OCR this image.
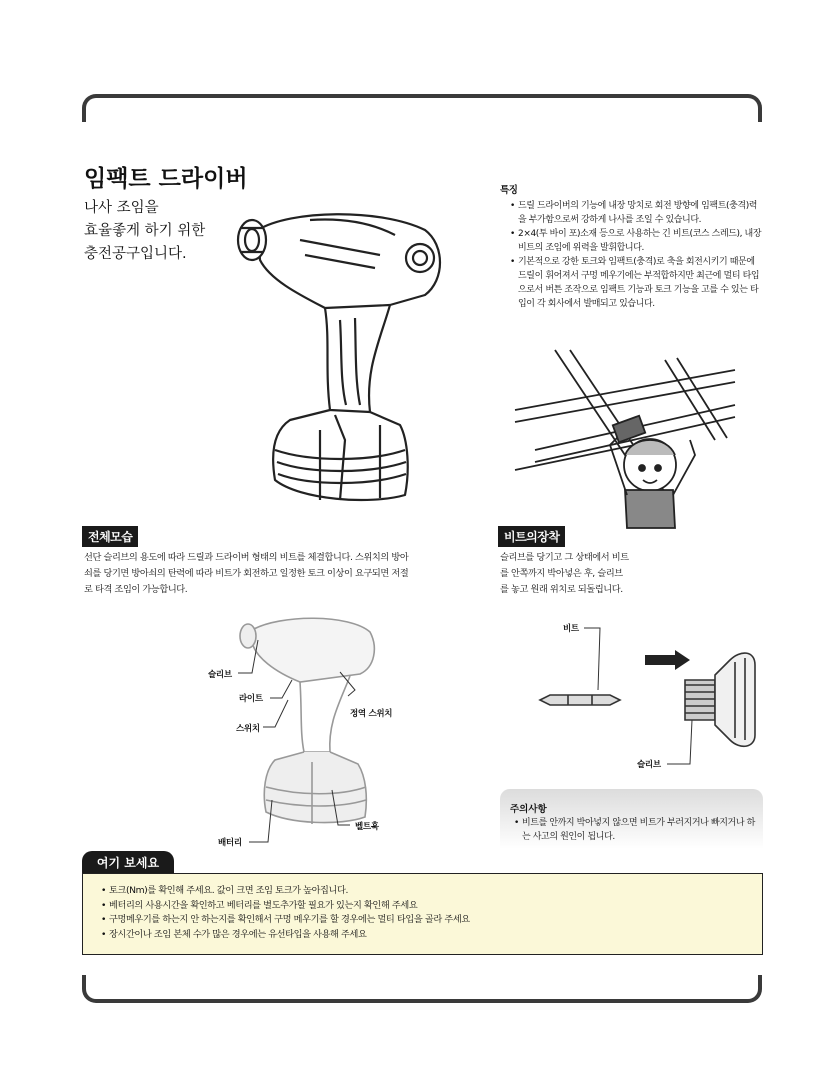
임팩트 드라이버
나사 조임을
효율좋게 하기 위한
충전공구입니다.
특징
• 드릴 드라이버의 기능에 내장 망치로 회전 방향에 임팩트(충격)력을 부가함으로써 강하게 나사를 조일 수 있습니다.
• 2×4(투 바이 포)소재 등으로 사용하는 긴 비트(코스 스레드), 내장 비트의 조임에 위력을 발휘합니다.
• 기본적으로 강한 토크와 임팩트(충격)로 축을 회전시키기 때문에 드릴이 휘어져서 구멍 메우기에는 부적합하지만 최근에 멀티 타입으로서 버튼 조작으로 임팩트 기능과 토크 기능을 고를 수 있는 타입이 각 회사에서 발매되고 있습니다.
전체모습
선단 슬리브의 용도에 따라 드릴과 드라이버 형태의 비트를 체결합니다. 스위치의 방아쇠를 당기면 방아쇠의 탄력에 따라 비트가 회전하고 일정한 토크 이상이 요구되면 저절로 타격 조임이 가능합니다.
슬리브
라이트
스위치
정역 스위치
벨트훅
배터리
비트의장착
슬리브를 당기고 그 상태에서 비트를 안쪽까지 박아넣은 후, 슬리브를 놓고 원래 위치로 되돌립니다.
비트
슬리브
주의사항
• 비트를 안까지 박아넣지 않으면 비트가 부러지거나 빠지거나 하는 사고의 원인이 됩니다.
여기 보세요
• 토크(Nm)를 확인해 주세요. 값이 크면 조임 토크가 높아집니다.
• 베터리의 사용시간을 확인하고 베터리를 별도추가할 필요가 있는지 확인해 주세요
• 구멍메우기를 하는지 안 하는지를 확인해서 구멍 메우기를 할 경우에는 멀티 타입을 골라 주세요
• 장시간이나 조임 본체 수가 많은 경우에는 유선타입을 사용해 주세요
